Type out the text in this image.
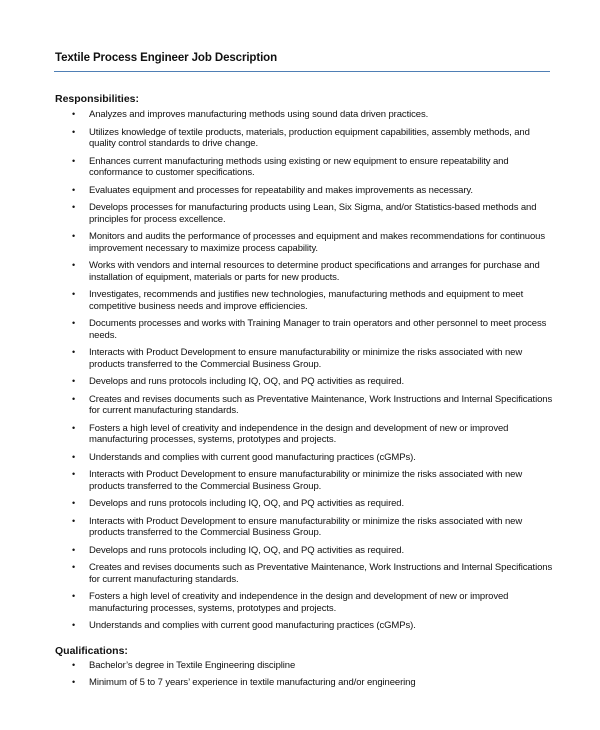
Textile Process Engineer Job Description
Responsibilities:
• Analyzes and improves manufacturing methods using sound data driven practices.
• Utilizes knowledge of textile products, materials, production equipment capabilities, assembly methods, and quality control standards to drive change.
• Enhances current manufacturing methods using existing or new equipment to ensure repeatability and conformance to customer specifications.
• Evaluates equipment and processes for repeatability and makes improvements as necessary.
• Develops processes for manufacturing products using Lean, Six Sigma, and/or Statistics-based methods and principles for process excellence.
• Monitors and audits the performance of processes and equipment and makes recommendations for continuous improvement necessary to maximize process capability.
• Works with vendors and internal resources to determine product specifications and arranges for purchase and installation of equipment, materials or parts for new products.
• Investigates, recommends and justifies new technologies, manufacturing methods and equipment to meet competitive business needs and improve efficiencies.
• Documents processes and works with Training Manager to train operators and other personnel to meet process needs.
• Interacts with Product Development to ensure manufacturability or minimize the risks associated with new products transferred to the Commercial Business Group.
• Develops and runs protocols including IQ, OQ, and PQ activities as required.
• Creates and revises documents such as Preventative Maintenance, Work Instructions and Internal Specifications for current manufacturing standards.
• Fosters a high level of creativity and independence in the design and development of new or improved manufacturing processes, systems, prototypes and projects.
• Understands and complies with current good manufacturing practices (cGMPs).
• Interacts with Product Development to ensure manufacturability or minimize the risks associated with new products transferred to the Commercial Business Group.
• Develops and runs protocols including IQ, OQ, and PQ activities as required.
• Interacts with Product Development to ensure manufacturability or minimize the risks associated with new products transferred to the Commercial Business Group.
• Develops and runs protocols including IQ, OQ, and PQ activities as required.
• Creates and revises documents such as Preventative Maintenance, Work Instructions and Internal Specifications for current manufacturing standards.
• Fosters a high level of creativity and independence in the design and development of new or improved manufacturing processes, systems, prototypes and projects.
• Understands and complies with current good manufacturing practices (cGMPs).
Qualifications:
• Bachelor’s degree in Textile Engineering discipline
• Minimum of 5 to 7 years’ experience in textile manufacturing and/or engineering
